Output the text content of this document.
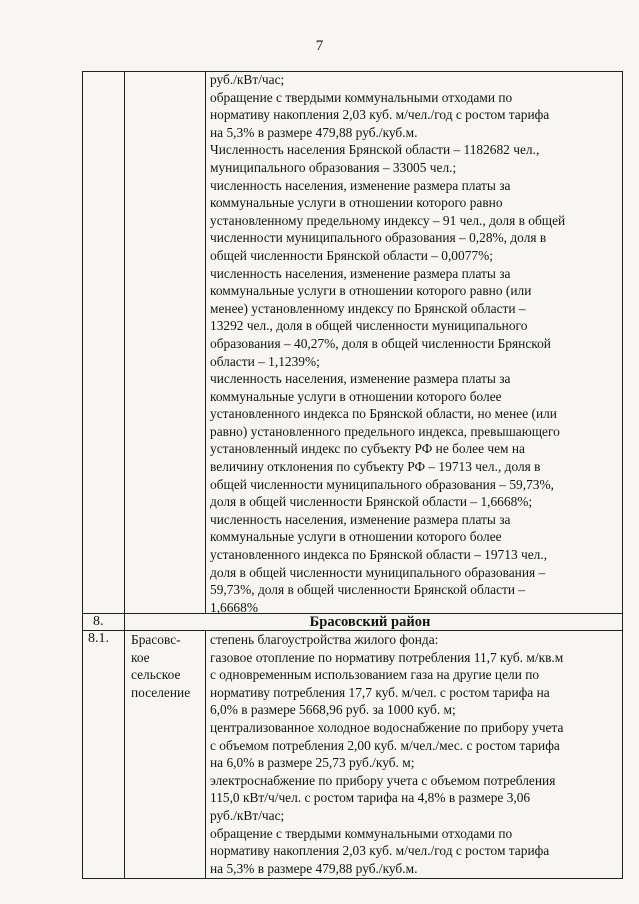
7
руб./кВт/час;
обращение с твердыми коммунальными отходами по
нормативу накопления 2,03 куб. м/чел./год с ростом тарифа
на 5,3% в размере 479,88 руб./куб.м.
Численность населения Брянской области – 1182682 чел.,
муниципального образования – 33005 чел.;
численность населения, изменение размера платы за
коммунальные услуги в отношении которого равно
установленному предельному индексу – 91 чел., доля в общей
численности муниципального образования – 0,28%, доля в
общей численности Брянской области – 0,0077%;
численность населения, изменение размера платы за
коммунальные услуги в отношении которого равно (или
менее) установленному индексу по Брянской области –
13292 чел., доля в общей численности муниципального
образования – 40,27%, доля в общей численности Брянской
области – 1,1239%;
численность населения, изменение размера платы за
коммунальные услуги в отношении которого более
установленного индекса по Брянской области, но менее (или
равно) установленного предельного индекса, превышающего
установленный индекс по субъекту РФ не более чем на
величину отклонения по субъекту РФ – 19713 чел., доля в
общей численности муниципального образования – 59,73%,
доля в общей численности Брянской области – 1,6668%;
численность населения, изменение размера платы за
коммунальные услуги в отношении которого более
установленного индекса по Брянской области – 19713 чел.,
доля в общей численности муниципального образования –
59,73%, доля в общей численности Брянской области –
1,6668%
8.	Брасовский район
8.1. Брасовс-
кое
сельское
поселение
степень благоустройства жилого фонда:
газовое отопление по нормативу потребления 11,7 куб. м/кв.м
с одновременным использованием газа на другие цели по
нормативу потребления 17,7 куб. м/чел. с ростом тарифа на
6,0% в размере 5668,96 руб. за 1000 куб. м;
централизованное холодное водоснабжение по прибору учета
с объемом потребления 2,00 куб. м/чел./мес. с ростом тарифа
на 6,0% в размере 25,73 руб./куб. м;
электроснабжение по прибору учета с объемом потребления
115,0 кВт/ч/чел. с ростом тарифа на 4,8% в размере 3,06
руб./кВт/час;
обращение с твердыми коммунальными отходами по
нормативу накопления 2,03 куб. м/чел./год с ростом тарифа
на 5,3% в размере 479,88 руб./куб.м.
